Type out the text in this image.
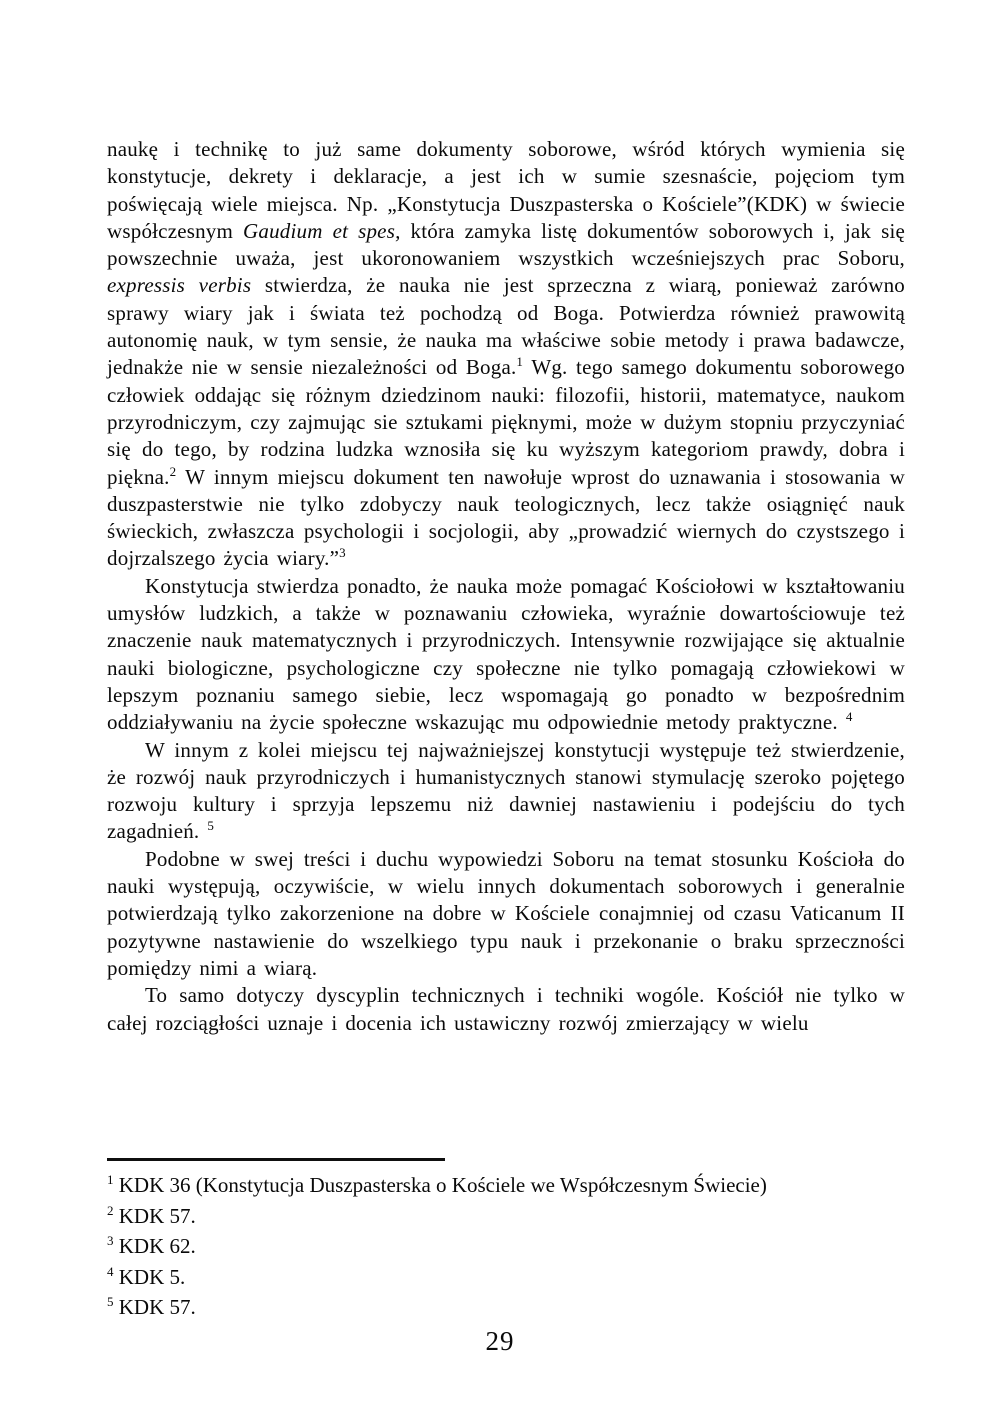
naukę i technikę to już same dokumenty soborowe, wśród których wymienia się konstytucje, dekrety i deklaracje, a jest ich w sumie szesnaście, pojęciom tym poświęcają wiele miejsca. Np. „Konstytucja Duszpasterska o Kościele”(KDK) w świecie współczesnym Gaudium et spes, która zamyka listę dokumentów soborowych i, jak się powszechnie uważa, jest ukoronowaniem wszystkich wcześniejszych prac Soboru, expressis verbis stwierdza, że nauka nie jest sprzeczna z wiarą, ponieważ zarówno sprawy wiary jak i świata też pochodzą od Boga. Potwierdza również prawowitą autonomię nauk, w tym sensie, że nauka ma właściwe sobie metody i prawa badawcze, jednakże nie w sensie niezależności od Boga.$^1$ Wg. tego samego dokumentu soborowego człowiek oddając się różnym dziedzinom nauki: filozofii, historii, matematyce, naukom przyrodniczym, czy zajmując sie sztukami pięknymi, może w dużym stopniu przyczyniać się do tego, by rodzina ludzka wznosiła się ku wyższym kategoriom prawdy, dobra i piękna.$^2$ W innym miejscu dokument ten nawołuje wprost do uznawania i stosowania w duszpasterstwie nie tylko zdobyczy nauk teologicznych, lecz także osiągnięć nauk świeckich, zwłaszcza psychologii i socjologii, aby „prowadzić wiernych do czystszego i dojrzalszego życia wiary.”$^3$

Konstytucja stwierdza ponadto, że nauka może pomagać Kościołowi w kształtowaniu umysłów ludzkich, a także w poznawaniu człowieka, wyraźnie dowartościowuje też znaczenie nauk matematycznych i przyrodniczych. Intensywnie rozwijające się aktualnie nauki biologiczne, psychologiczne czy społeczne nie tylko pomagają człowiekowi w lepszym poznaniu samego siebie, lecz wspomagają go ponadto w bezpośrednim oddziaływaniu na życie społeczne wskazując mu odpowiednie metody praktyczne. $^4$

W innym z kolei miejscu tej najważniejszej konstytucji występuje też stwierdzenie, że rozwój nauk przyrodniczych i humanistycznych stanowi stymulację szeroko pojętego rozwoju kultury i sprzyja lepszemu niż dawniej nastawieniu i podejściu do tych zagadnień. $^5$

Podobne w swej treści i duchu wypowiedzi Soboru na temat stosunku Kościoła do nauki występują, oczywiście, w wielu innych dokumentach soborowych i generalnie potwierdzają tylko zakorzenione na dobre w Kościele conajmniej od czasu Vaticanum II pozytywne nastawienie do wszelkiego typu nauk i przekonanie o braku sprzeczności pomiędzy nimi a wiarą.

To samo dotyczy dyscyplin technicznych i techniki wogóle. Kościół nie tylko w całej rozciągłości uznaje i docenia ich ustawiczny rozwój zmierzający w wielu

$^1$ KDK 36 (Konstytucja Duszpasterska o Kościele we Współczesnym Świecie)
$^2$ KDK 57.
$^3$ KDK 62.
$^4$ KDK 5.
$^5$ KDK 57.
29
